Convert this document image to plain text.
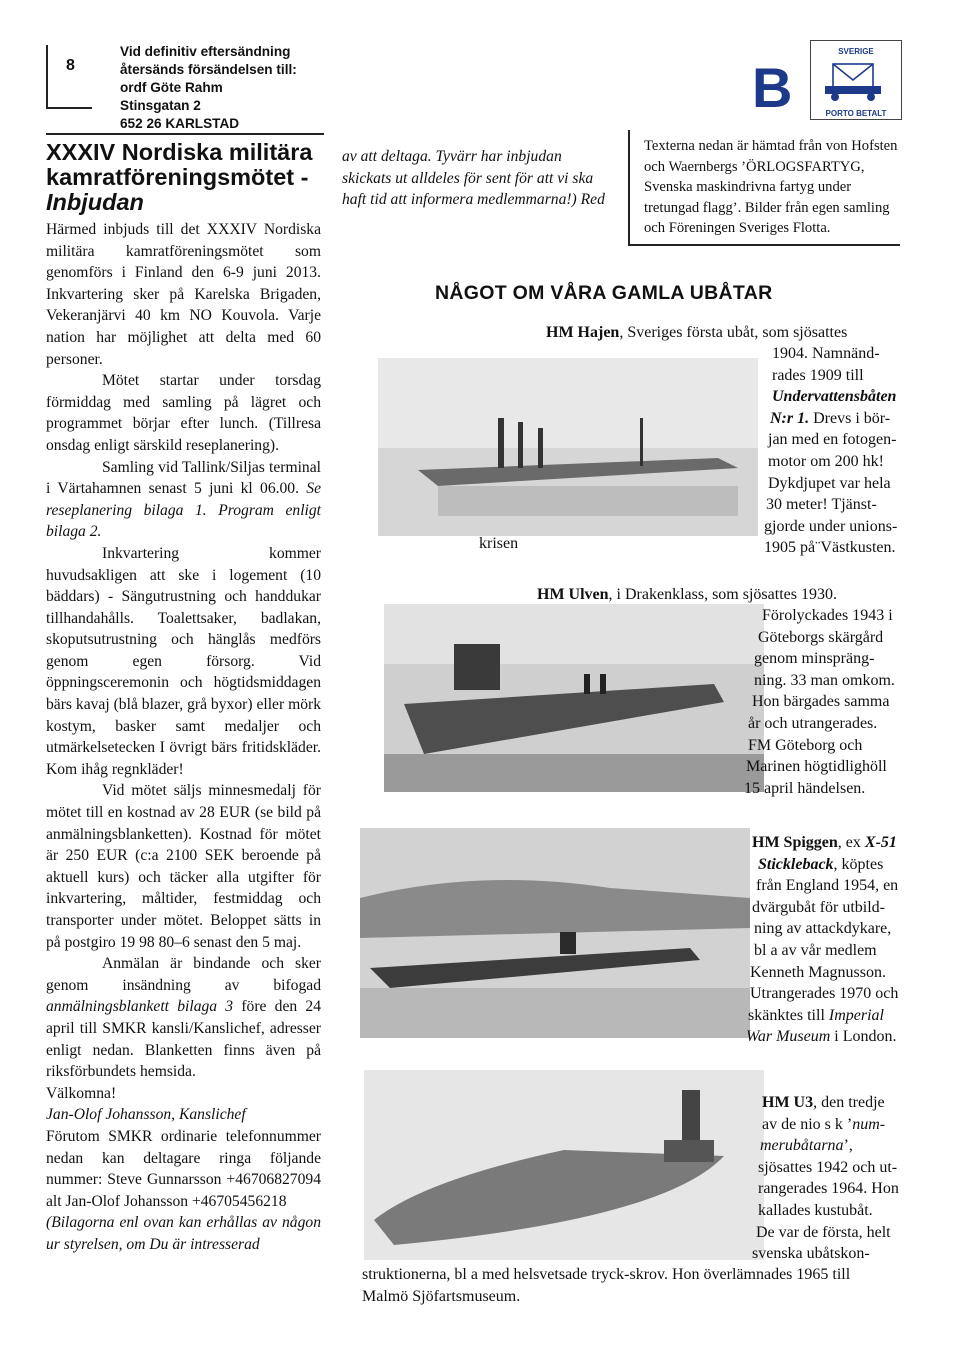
8
Vid definitiv eftersändning
återsänds försändelsen till:
ordf Göte Rahm
Stinsgatan 2
652 26 KARLSTAD
B
SVERIGE
PORTO BETALT
XXXIV Nordiska militära
kamratföreningsmötet -
Inbjudan

Härmed inbjuds till det XXXIV Nordiska militära kamratföreningsmötet som genomförs i Finland den 6-9 juni 2013. Inkvartering sker på Karelska Brigaden, Vekeranjärvi 40 km NO Kouvola. Varje nation har möjlighet att delta med 60 personer.

Mötet startar under torsdag förmiddag med samling på lägret och programmet börjar efter lunch. (Tillresa onsdag enligt särskild reseplanering).

Samling vid Tallink/Siljas terminal i Värtahamnen senast 5 juni kl 06.00. Se reseplanering bilaga 1. Program enligt bilaga 2.

Inkvartering kommer huvudsakligen att ske i logement (10 bäddars) - Sängutrustning och handdukar tillhandahålls. Toalettsaker, badlakan, skoputsutrustning och hänglås medförs genom egen försorg. Vid öppningsceremonin och högtidsmiddagen bärs kavaj (blå blazer, grå byxor) eller mörk kostym, basker samt medaljer och utmärkelsetecken I övrigt bärs fritidskläder. Kom ihåg regnkläder!

Vid mötet säljs minnesmedalj för mötet till en kostnad av 28 EUR (se bild på anmälningsblanketten). Kostnad för mötet är 250 EUR (c:a 2100 SEK beroende på aktuell kurs) och täcker alla utgifter för inkvartering, måltider, festmiddag och transporter under mötet. Beloppet sätts in på postgiro 19 98 80–6 senast den 5 maj.

Anmälan är bindande och sker genom insändning av bifogad anmälningsblankett bilaga 3 före den 24 april till SMKR kansli/Kanslichef, adresser enligt nedan. Blanketten finns även på riksförbundets hemsida.

Välkomna!

Jan-Olof Johansson, Kanslichef

Förutom SMKR ordinarie telefonnummer nedan kan deltagare ringa följande nummer: Steve Gunnarsson +46706827094 alt Jan-Olof Johansson +46705456218

(Bilagorna enl ovan kan erhållas av någon ur styrelsen, om Du är intresserad

av att deltaga. Tyvärr har inbjudan skickats ut alldeles för sent för att vi ska haft tid att informera medlemmarna!) Red

Texterna nedan är hämtad från von Hofsten och Waernbergs ’ÖRLOGSFARTYG, Svenska maskindrivna fartyg under tretungad flagg’. Bilder från egen samling och Föreningen Sveriges Flotta.
NÅGOT OM VÅRA GAMLA UBÅTAR
HM Hajen, Sveriges första ubåt, som sjösattes
1904. Namnänd-
rades 1909 till
Undervattensbåten
N:r 1. Drevs i bör-
jan med en fotogen-
motor om 200 hk!
Dykdjupet var hela
30 meter! Tjänst-
gjorde under unions-
1905 på¨Västkusten.
krisen
HM Ulven, i Drakenklass, som sjösattes 1930.
Förolyckades 1943 i
Göteborgs skärgård
genom minspräng-
ning. 33 man omkom.
Hon bärgades samma
år och utrangerades.
FM Göteborg och
Marinen högtidlighöll
15 april händelsen.
HM Spiggen, ex X-51
Stickleback, köptes
från England 1954, en
dvärgubåt för utbild-
ning av attackdykare,
bl a av vår medlem
Kenneth Magnusson.
Utrangerades 1970 och
skänktes till Imperial
War Museum i London.
HM U3, den tredje
av de nio s k ’num-
merubåtarna’,
sjösattes 1942 och ut-
rangerades 1964. Hon
kallades kustubåt.
De var de första, helt
svenska ubåtskon-
struktionerna, bl a med helsvetsade tryck-skrov. Hon överlämnades 1965 till
Malmö Sjöfartsmuseum.
